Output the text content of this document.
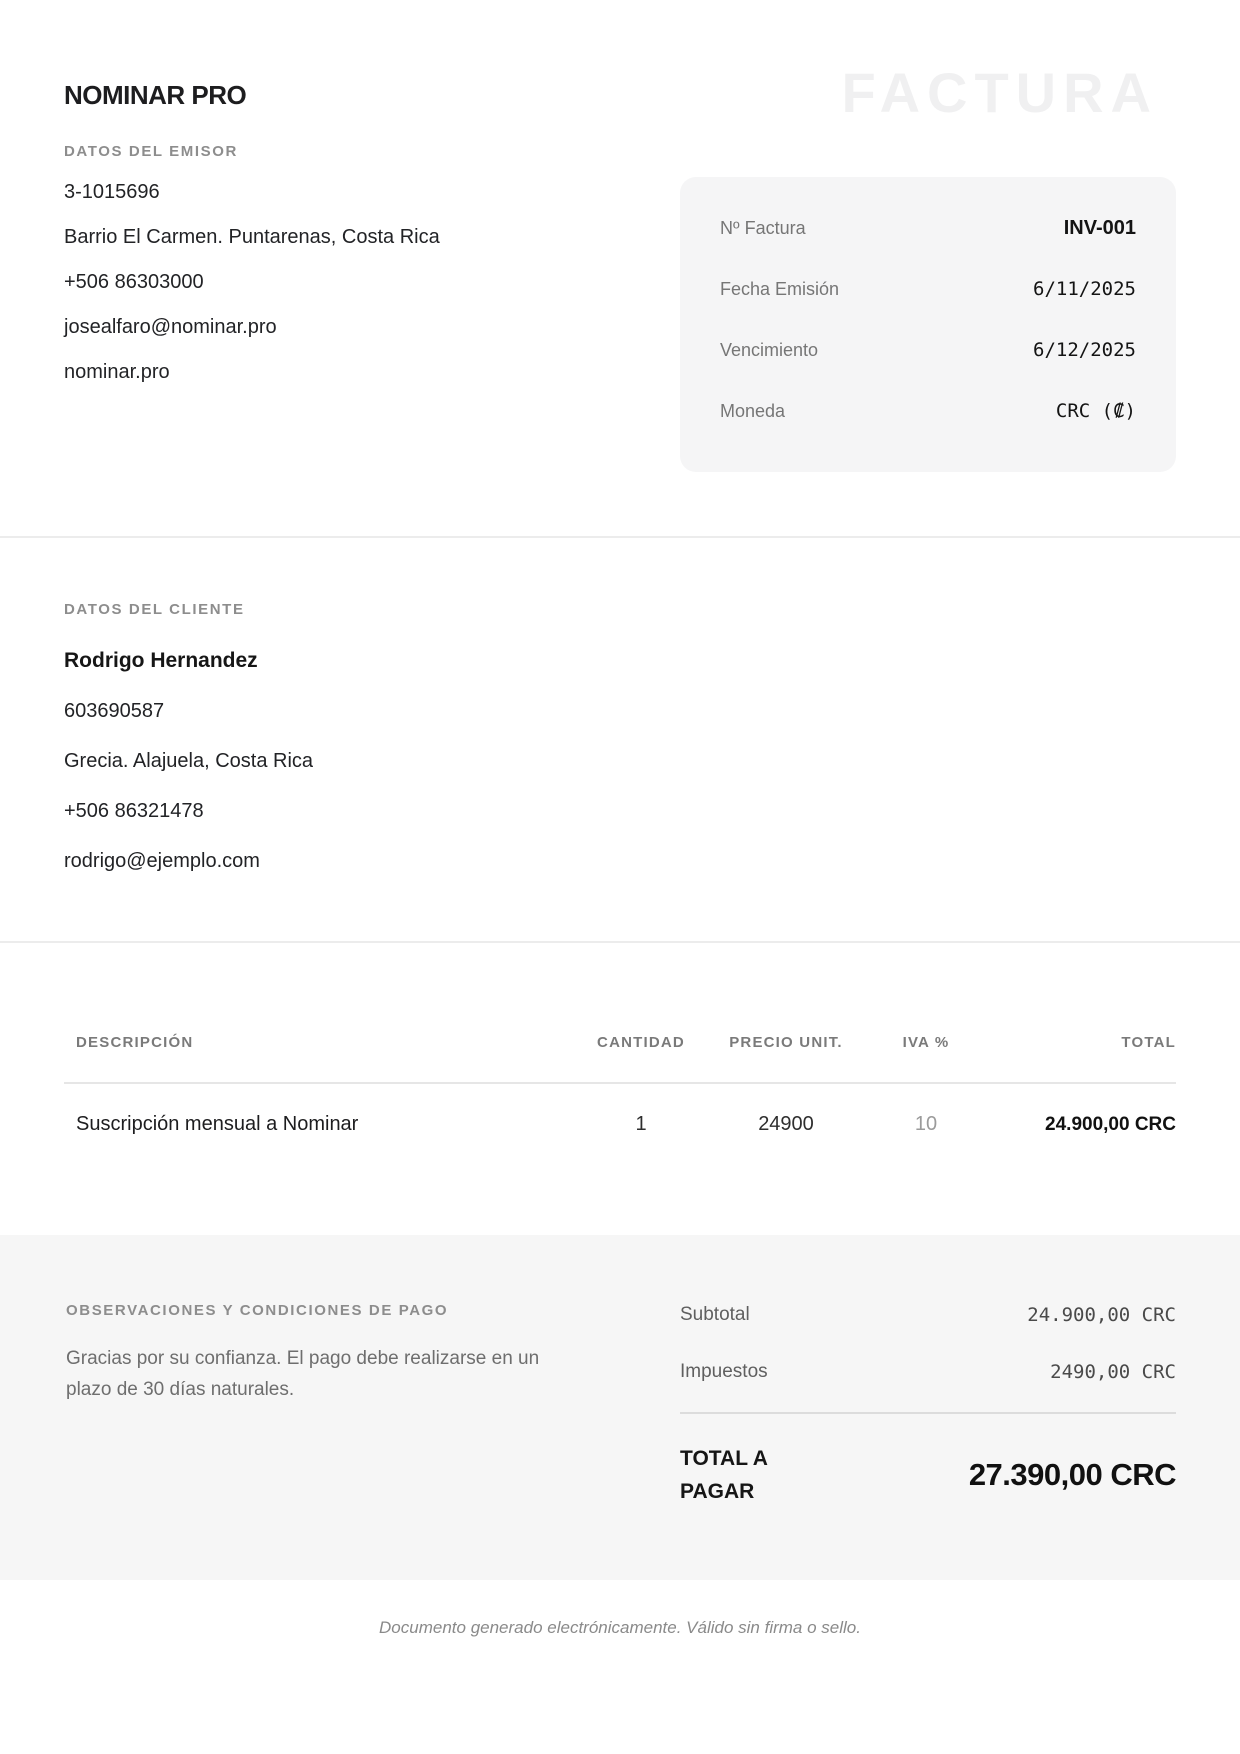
FACTURA
NOMINAR PRO
DATOS DEL EMISOR
3-1015696
Barrio El Carmen. Puntarenas, Costa Rica
+506 86303000
josealfaro@nominar.pro
nominar.pro
Nº Factura	INV-001
Fecha Emisión	6/11/2025
Vencimiento	6/12/2025
Moneda	CRC (₡)
DATOS DEL CLIENTE
Rodrigo Hernandez
603690587
Grecia. Alajuela, Costa Rica
+506 86321478
rodrigo@ejemplo.com
DESCRIPCIÓN	CANTIDAD	PRECIO UNIT.	IVA %	TOTAL
Suscripción mensual a Nominar	1	24900	10	24.900,00 CRC
OBSERVACIONES Y CONDICIONES DE PAGO
Gracias por su confianza. El pago debe realizarse en un plazo de 30 días naturales.
Subtotal	24.900,00 CRC
Impuestos	2490,00 CRC
TOTAL A PAGAR	27.390,00 CRC
Documento generado electrónicamente. Válido sin firma o sello.
